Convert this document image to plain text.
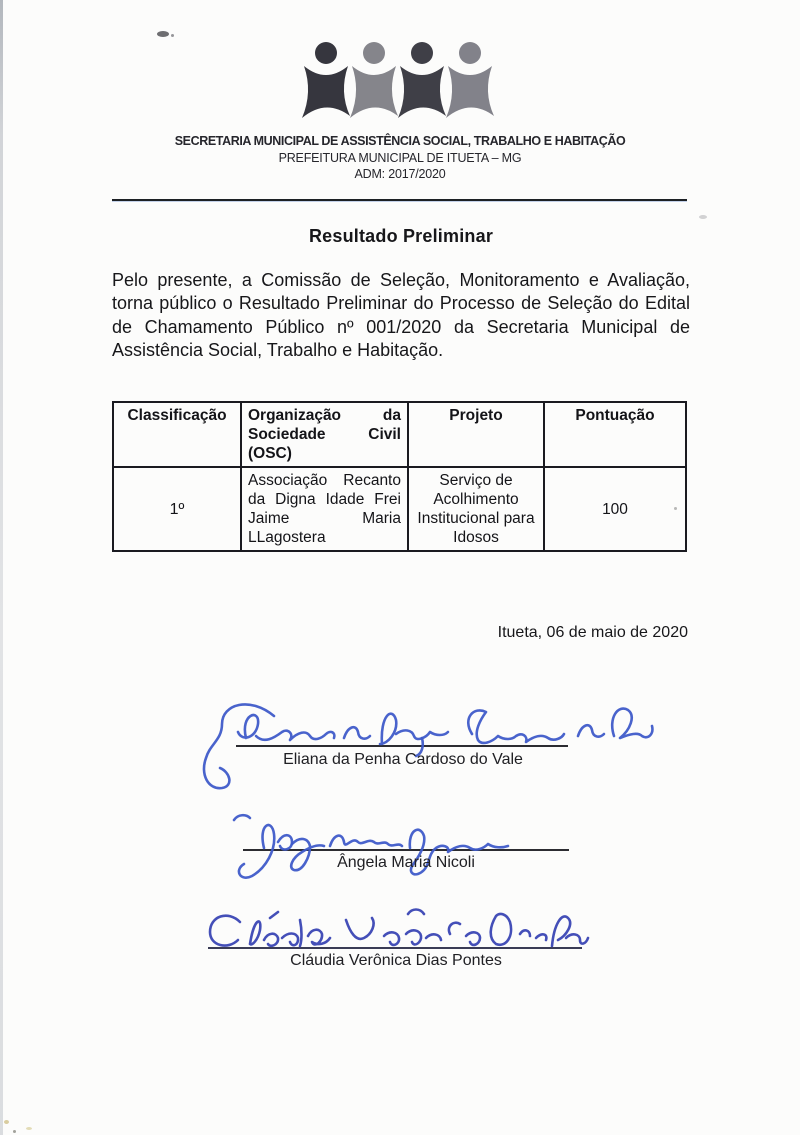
SECRETARIA MUNICIPAL DE ASSISTÊNCIA SOCIAL, TRABALHO E HABITAÇÃO
PREFEITURA MUNICIPAL DE ITUETA – MG
ADM: 2017/2020
Resultado Preliminar

Pelo presente, a Comissão de Seleção, Monitoramento e Avaliação, torna público o Resultado Preliminar do Processo de Seleção do Edital de Chamamento Público nº 001/2020 da Secretaria Municipal de Assistência Social, Trabalho e Habitação.

Classificação	Organização da Sociedade Civil (OSC)	Projeto	Pontuação
1º	Associação Recanto da Digna Idade Frei Jaime Maria LLagostera	Serviço de Acolhimento Institucional para Idosos	100
Itueta, 06 de maio de 2020
Eliana da Penha Cardoso do Vale
Ângela Maria Nicoli
Cláudia Verônica Dias Pontes
